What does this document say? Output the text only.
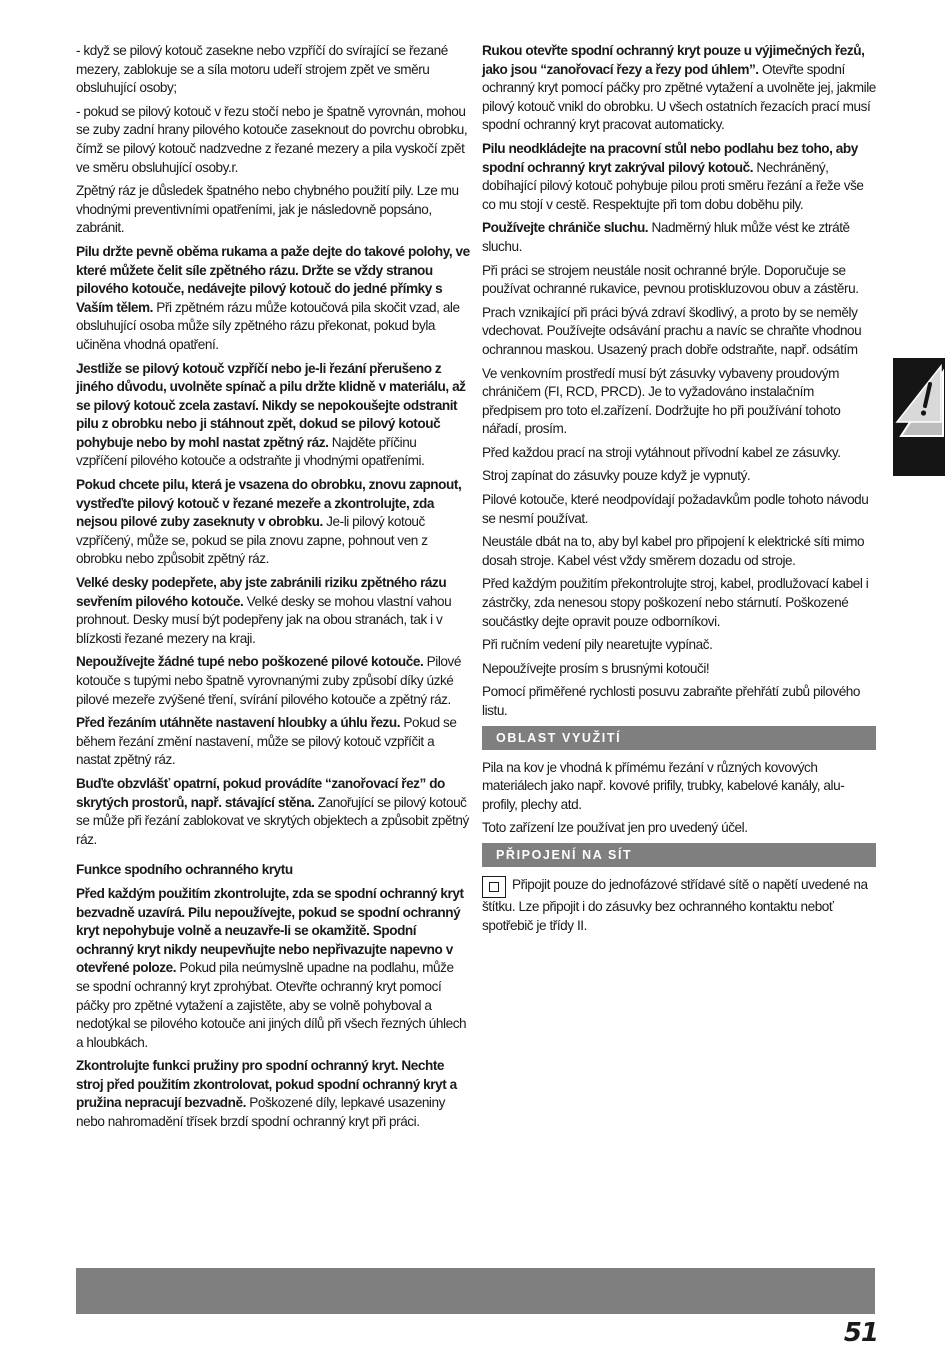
- když se pilový kotouč zasekne nebo vzpříčí do svírající se řezané mezery, zablokuje se a síla motoru udeří strojem zpět ve směru obsluhující osoby;

- pokud se pilový kotouč v řezu stočí nebo je špatně vyrovnán, mohou se zuby zadní hrany pilového kotouče zaseknout do povrchu obrobku, čímž se pilový kotouč nadzvedne z řezané mezery a pila vyskočí zpět ve směru obsluhující osoby.r.

Zpětný ráz je důsledek špatného nebo chybného použití pily. Lze mu vhodnými preventivními opatřeními, jak je následovně popsáno, zabránit.

Pilu držte pevně oběma rukama a paže dejte do takové polohy, ve které můžete čelit síle zpětného rázu. Držte se vždy stranou pilového kotouče, nedávejte pilový kotouč do jedné přímky s Vaším tělem. Při zpětném rázu může kotoučová pila skočit vzad, ale obsluhující osoba může síly zpětného rázu překonat, pokud byla učiněna vhodná opatření.

Jestliže se pilový kotouč vzpříčí nebo je-li řezání přerušeno z jiného důvodu, uvolněte spínač a pilu držte klidně v materiálu, až se pilový kotouč zcela zastaví. Nikdy se nepokoušejte odstranit pilu z obrobku nebo ji stáhnout zpět, dokud se pilový kotouč pohybuje nebo by mohl nastat zpětný ráz. Najděte příčinu vzpříčení pilového kotouče a odstraňte ji vhodnými opatřeními.

Pokud chcete pilu, která je vsazena do obrobku, znovu zapnout, vystřeďte pilový kotouč v řezané mezeře a zkontrolujte, zda nejsou pilové zuby zaseknuty v obrobku. Je-li pilový kotouč vzpříčený, může se, pokud se pila znovu zapne, pohnout ven z obrobku nebo způsobit zpětný ráz.

Velké desky podepřete, aby jste zabránili riziku zpětného rázu sevřením pilového kotouče. Velké desky se mohou vlastní vahou prohnout. Desky musí být podepřeny jak na obou stranách, tak i v blízkosti řezané mezery na kraji.

Nepoužívejte žádné tupé nebo poškozené pilové kotouče. Pilové kotouče s tupými nebo špatně vyrovnanými zuby způsobí díky úzké pilové mezeře zvýšené tření, svírání pilového kotouče a zpětný ráz.

Před řezáním utáhněte nastavení hloubky a úhlu řezu. Pokud se během řezání změní nastavení, může se pilový kotouč vzpříčit a nastat zpětný ráz.

Buďte obzvlášť opatrní, pokud provádíte “zanořovací řez” do skrytých prostorů, např. stávající stěna. Zanořující se pilový kotouč se může při řezání zablokovat ve skrytých objektech a způsobit zpětný ráz.

Funkce spodního ochranného krytu

Před každým použitím zkontrolujte, zda se spodní ochranný kryt bezvadně uzavírá. Pilu nepoužívejte, pokud se spodní ochranný kryt nepohybuje volně a neuzavře-li se okamžitě. Spodní ochranný kryt nikdy neupevňujte nebo nepřivazujte napevno v otevřené poloze. Pokud pila neúmyslně upadne na podlahu, může se spodní ochranný kryt zprohýbat. Otevřte ochranný kryt pomocí páčky pro zpětné vytažení a zajistěte, aby se volně pohyboval a nedotýkal se pilového kotouče ani jiných dílů při všech řezných úhlech a hloubkách.

Zkontrolujte funkci pružiny pro spodní ochranný kryt. Nechte stroj před použitím zkontrolovat, pokud spodní ochranný kryt a pružina nepracují bezvadně. Poškozené díly, lepkavé usazeniny nebo nahromadění třísek brzdí spodní ochranný kryt při práci.

Rukou otevřte spodní ochranný kryt pouze u výjimečných řezů, jako jsou “zanořovací řezy a řezy pod úhlem”. Otevřte spodní ochranný kryt pomocí páčky pro zpětné vytažení a uvolněte jej, jakmile pilový kotouč vnikl do obrobku. U všech ostatních řezacích prací musí spodní ochranný kryt pracovat automaticky.

Pilu neodkládejte na pracovní stůl nebo podlahu bez toho, aby spodní ochranný kryt zakrýval pilový kotouč. Nechráněný, dobíhající pilový kotouč pohybuje pilou proti směru řezání a řeže vše co mu stojí v cestě. Respektujte při tom dobu doběhu pily.

Používejte chrániče sluchu. Nadměrný hluk může vést ke ztrátě sluchu.

Při práci se strojem neustále nosit ochranné brýle. Doporučuje se používat ochranné rukavice, pevnou protiskluzovou obuv a zástěru.

Prach vznikající při práci bývá zdraví škodlivý, a proto by se neměly vdechovat. Používejte odsávání prachu a navíc se chraňte vhodnou ochrannou maskou. Usazený prach dobře odstraňte, např. odsátím

Ve venkovním prostředí musí být zásuvky vybaveny proudovým chráničem (FI, RCD, PRCD). Je to vyžadováno instalačním předpisem pro toto el.zařízení. Dodržujte ho při používání tohoto nářadí, prosím.

Před každou prací na stroji vytáhnout přívodní kabel ze zásuvky.

Stroj zapínat do zásuvky pouze když je vypnutý.

Pilové kotouče, které neodpovídají požadavkům podle tohoto návodu se nesmí používat.

Neustále dbát na to, aby byl kabel pro připojení k elektrické síti mimo dosah stroje. Kabel vést vždy směrem dozadu od stroje.

Před každým použitím překontrolujte stroj, kabel, prodlužovací kabel i zástrčky, zda nenesou stopy poškození nebo stárnutí. Poškozené součástky dejte opravit pouze odborníkovi.

Při ručním vedení pily nearetujte vypínač.

Nepoužívejte prosím s brusnými kotouči!

Pomocí přiměřené rychlosti posuvu zabraňte přehřátí zubů pilového listu.

OBLAST VYUŽITÍ

Pila na kov je vhodná k přímému řezání v různých kovových materiálech jako např. kovové prifily, trubky, kabelové kanály, alu-profily, plechy atd.

Toto zařízení lze používat jen pro uvedený účel.

PŘIPOJENÍ NA SÍT

Připojit pouze do jednofázové střídavé sítě o napětí uvedené na štítku. Lze připojit i do zásuvky bez ochranného kontaktu neboť spotřebič je třídy II.

51
